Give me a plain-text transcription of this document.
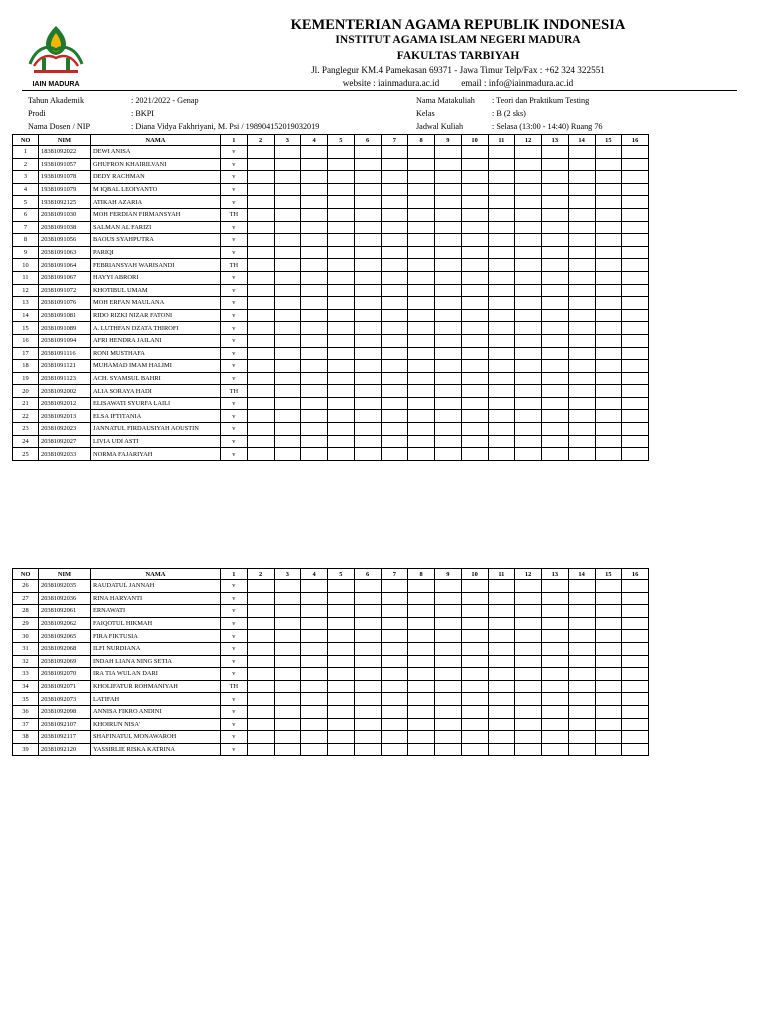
IAIN MADURA
KEMENTERIAN AGAMA REPUBLIK INDONESIA
INSTITUT AGAMA ISLAM NEGERI MADURA
FAKULTAS TARBIYAH
Jl. Panglegur KM.4 Pamekasan 69371 - Jawa Timur Telp/Fax : +62 324 322551
website : iainmadura.ac.id email : info@iainmadura.ac.id
Tahun Akademik	: 2021/2022 - Genap
Prodi	: BKPI
Nama Dosen / NIP	: Diana Vidya Fakhriyani, M. Psi / 198904152019032019
Nama Matakuliah : Teori dan Praktikum Testing
Kelas	: B (2 sks)
Jadwal Kuliah	: Selasa (13:00 - 14:40) Ruang 76
NO	NIM	NAMA	1	2	3	4	5	6	7	8	9	10	11	12	13	14	15	16
1	18381092022	DEWI ANISA	v															
2	19381091057	GHUFRON KHAIRILVANI	v															
3	19381091078	DEDY RACHMAN	v															
4	19381091079	M IQBAL LEOIYANTO	v															
5	19381092125	ATIKAH AZARIA	v															
6	20381091030	MOH FERDIAN FIRMANSYAH	TH															
7	20381091038	SALMAN AL FARIZI	v															
8	20381091056	BAOUS SYAHPUTRA	v															
9	20381091063	PARIQI	v															
10	20381091064	FEBRIANSYAH WARISANDI	TH															
11	20381091067	HAYYI ABRORI	v															
12	20381091072	KHOTIBUL UMAM	v															
13	20381091076	MOH ERFAN MAULANA	v															
14	20381091081	RIDO RIZKI NIZAR FATONI	v															
15	20381091089	A. LUTHFAN DZATA THIROFI	v															
16	20381091094	AFRI HENDRA JAILANI	v															
17	20381091116	RONI MUSTHAFA	v															
18	20381091121	MUHAMAD IMAM HALIMI	v															
19	20381091123	ACH. SYAMSUL BAHRI	v															
20	20381092002	ALIA SORAYA HADI	TH															
21	20381092012	ELISAWATI SYURFA LAILI	v															
22	20381092013	ELSA IFTITANIA	v															
23	20381092023	JANNATUL FIRDAUSIYAH AOUSTIN	v															
24	20381092027	LIVIA UDI ASTI	v															
25	20381092033	NORMA FAJARIYAH	v															
NO	NIM	NAMA	1	2	3	4	5	6	7	8	9	10	11	12	13	14	15	16
26	20381092035	RAUDATUL JANNAH	v															
27	20381092036	RINA HARYANTI	v															
28	20381092061	ERNAWATI	v															
29	20381092062	FAIQOTUL HIKMAH	v															
30	20381092065	FIRA FIKTUSIA	v															
31	20381092068	ILFI NURDIANA	v															
32	20381092069	INDAH LIANA NING SETIA	v															
33	20381092070	IRA TIA WULAN DARI	v															
34	20381092071	KHOLIFATUR ROHMANIYAH	TH															
35	20381092073	LATIFAH	v															
36	20381092098	ANNISA FIKRO ANDINI	v															
37	20381092107	KHOIRUN NISA'	v															
38	20381092117	SHAFINATUL MONAWAROH	v															
39	20381092120	YASSIRLIE RISKA KATRINA	v															
